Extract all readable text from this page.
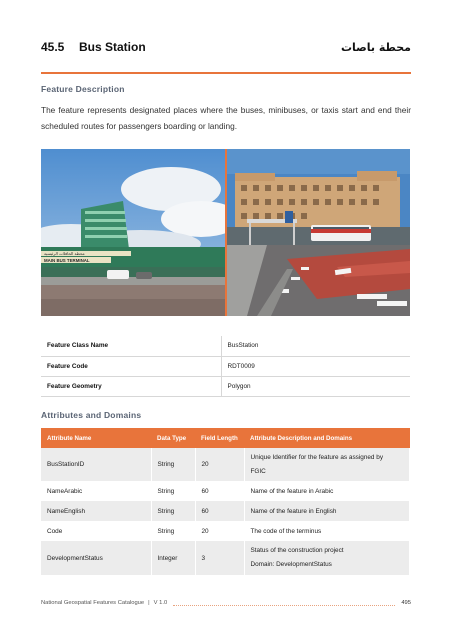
45.5	Bus Station	محطة باصات
Feature Description

The feature represents designated places where the buses, minibuses, or taxis start and end their scheduled routes for passengers boarding or landing.

محطة الحافلات الرئيسية
MAIN BUS TERMINAL
Feature Class Name	BusStation
Feature Code	RDT0009
Feature Geometry	Polygon
Attributes and Domains
Attribute Name	Data Type	Field Length	Attribute Description and Domains
BusStationID	String	20	Unique Identifier for the feature as assigned by
FGIC
NameArabic	String	60	Name of the feature in Arabic
NameEnglish	String	60	Name of the feature in English
Code	String	20	The code of the terminus
DevelopmentStatus	Integer	3	Status of the construction project
Domain: DevelopmentStatus
National Geospatial Features Catalogue | V 1.0	495
